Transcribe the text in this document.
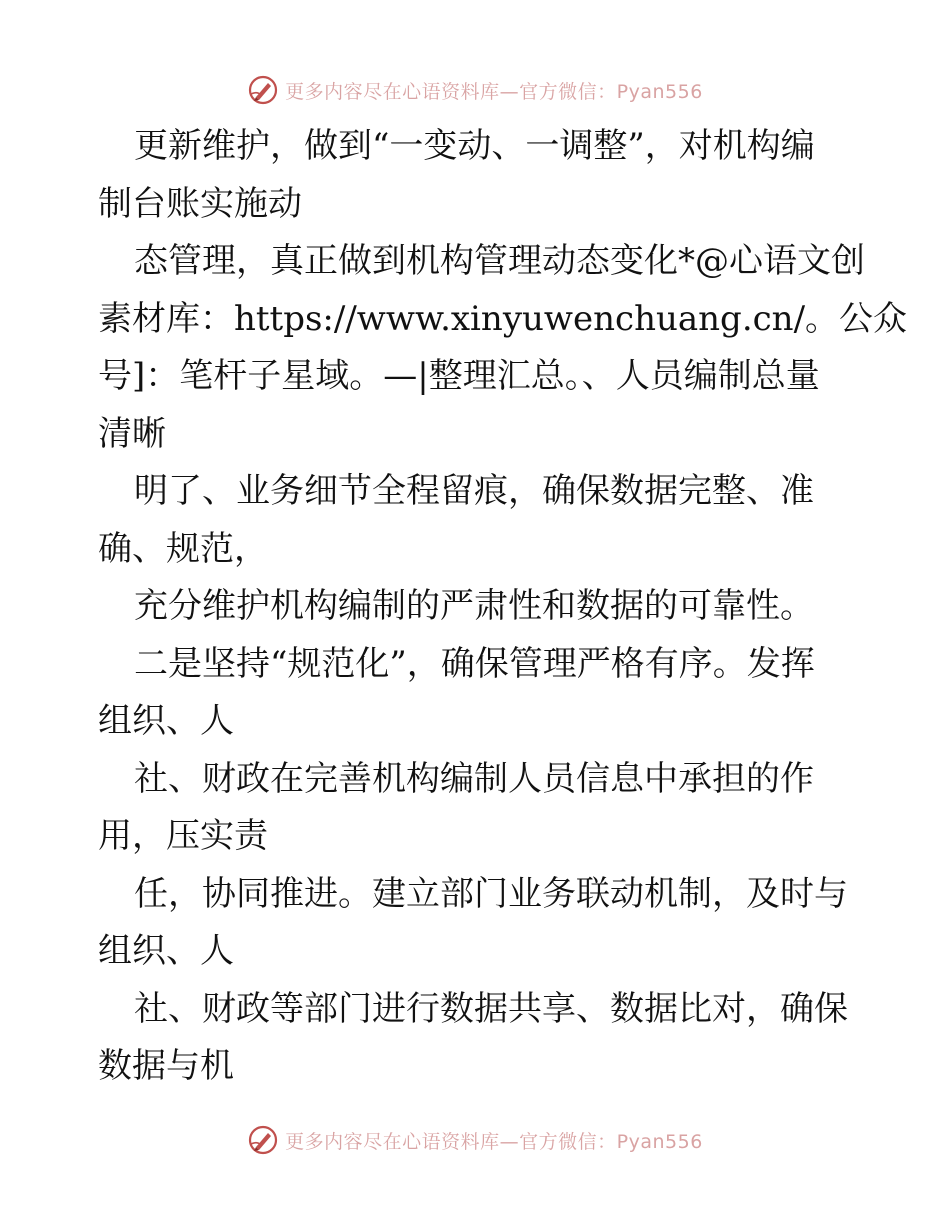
更多内容尽在心语资料库—官方微信：Pyan556
更新维护，做到“一变动、一调整”，对机构编
制台账实施动
态管理，真正做到机构管理动态变化*@心语文创
素材库：https://www.xinyuwenchuang.cn/。公众
号]：笔杆子星域。—|整理汇总。、人员编制总量
清晰
明了、业务细节全程留痕，确保数据完整、准
确、规范，
充分维护机构编制的严肃性和数据的可靠性。
二是坚持“规范化”，确保管理严格有序。发挥
组织、人
社、财政在完善机构编制人员信息中承担的作
用，压实责
任，协同推进。建立部门业务联动机制，及时与
组织、人
社、财政等部门进行数据共享、数据比对，确保
数据与机
更多内容尽在心语资料库—官方微信：Pyan556
